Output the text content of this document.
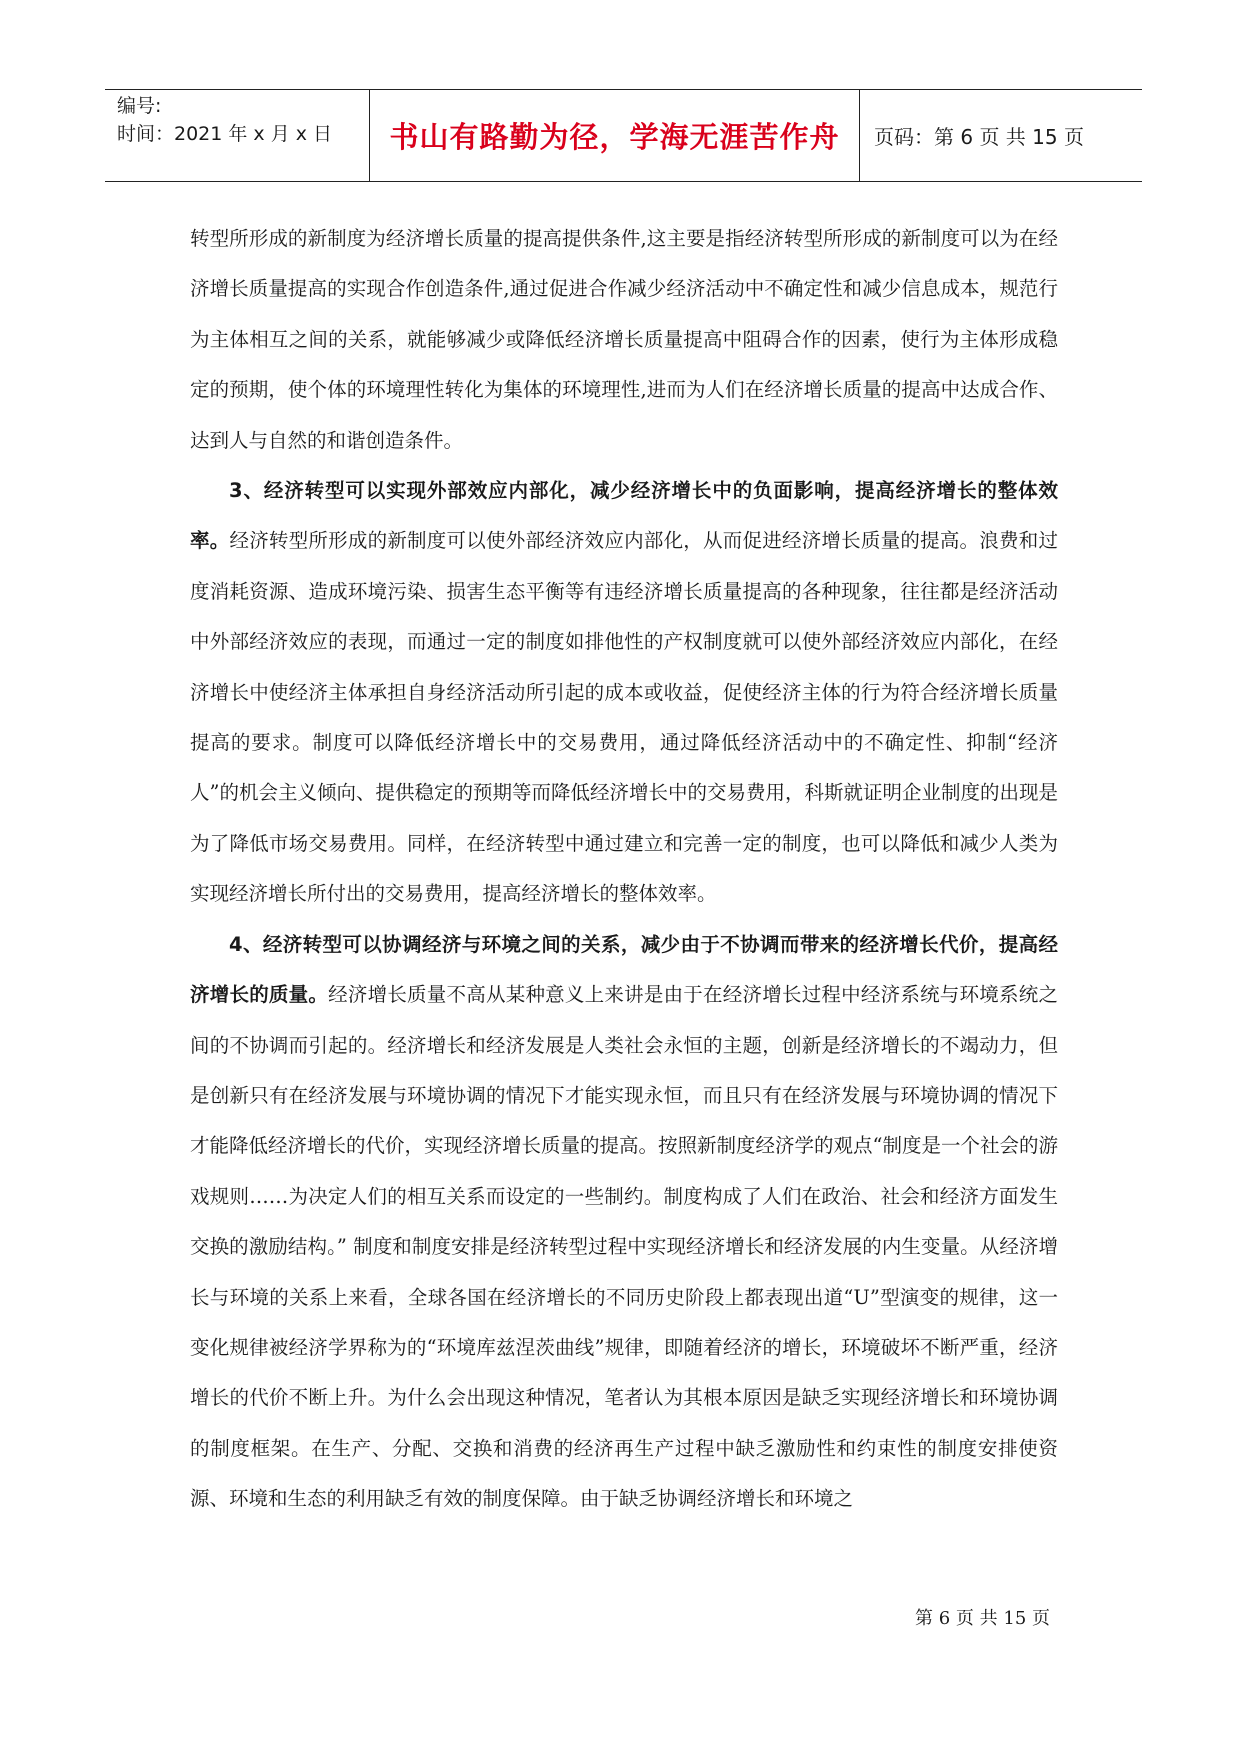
编号:
时间：2021 年 x 月 x 日	书山有路勤为径，学海无涯苦作舟 页码：第 6 页 共 15 页

转型所形成的新制度为经济增长质量的提高提供条件,这主要是指经济转型所形成的新制度可以为在经济增长质量提高的实现合作创造条件,通过促进合作减少经济活动中不确定性和减少信息成本，规范行为主体相互之间的关系，就能够减少或降低经济增长质量提高中阻碍合作的因素，使行为主体形成稳定的预期，使个体的环境理性转化为集体的环境理性,进而为人们在经济增长质量的提高中达成合作、达到人与自然的和谐创造条件。

3、经济转型可以实现外部效应内部化，减少经济增长中的负面影响，提高经济增长的整体效率。经济转型所形成的新制度可以使外部经济效应内部化，从而促进经济增长质量的提高。浪费和过度消耗资源、造成环境污染、损害生态平衡等有违经济增长质量提高的各种现象，往往都是经济活动中外部经济效应的表现，而通过一定的制度如排他性的产权制度就可以使外部经济效应内部化，在经济增长中使经济主体承担自身经济活动所引起的成本或收益，促使经济主体的行为符合经济增长质量提高的要求。制度可以降低经济增长中的交易费用，通过降低经济活动中的不确定性、抑制“经济人”的机会主义倾向、提供稳定的预期等而降低经济增长中的交易费用，科斯就证明企业制度的出现是为了降低市场交易费用。同样，在经济转型中通过建立和完善一定的制度，也可以降低和减少人类为实现经济增长所付出的交易费用，提高经济增长的整体效率。

4、经济转型可以协调经济与环境之间的关系，减少由于不协调而带来的经济增长代价，提高经济增长的质量。经济增长质量不高从某种意义上来讲是由于在经济增长过程中经济系统与环境系统之间的不协调而引起的。经济增长和经济发展是人类社会永恒的主题，创新是经济增长的不竭动力，但是创新只有在经济发展与环境协调的情况下才能实现永恒，而且只有在经济发展与环境协调的情况下才能降低经济增长的代价，实现经济增长质量的提高。按照新制度经济学的观点“制度是一个社会的游戏规则……为决定人们的相互关系而设定的一些制约。制度构成了人们在政治、社会和经济方面发生交换的激励结构。” 制度和制度安排是经济转型过程中实现经济增长和经济发展的内生变量。从经济增长与环境的关系上来看，全球各国在经济增长的不同历史阶段上都表现出道“U”型演变的规律，这一变化规律被经济学界称为的“环境库兹涅茨曲线”规律，即随着经济的增长，环境破坏不断严重，经济增长的代价不断上升。为什么会出现这种情况，笔者认为其根本原因是缺乏实现经济增长和环境协调的制度框架。在生产、分配、交换和消费的经济再生产过程中缺乏激励性和约束性的制度安排使资源、环境和生态的利用缺乏有效的制度保障。由于缺乏协调经济增长和环境之

第 6 页 共 15 页
